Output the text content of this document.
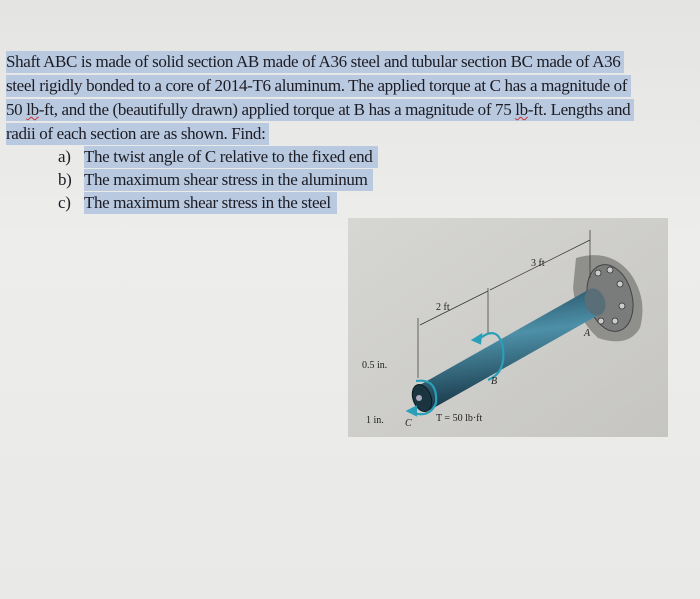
Shaft ABC is made of solid section AB made of A36 steel and tubular section BC made of A36
steel rigidly bonded to a core of 2014-T6 aluminum. The applied torque at C has a magnitude of
50 lb-ft, and the (beautifully drawn) applied torque at B has a magnitude of 75 lb-ft. Lengths and
radii of each section are as shown. Find:
a) The twist angle of C relative to the fixed end
b) The maximum shear stress in the aluminum
c) The maximum shear stress in the steel
2 ft
3 ft
0.5 in.
1 in.
A
B
C T = 50 lb·ft
